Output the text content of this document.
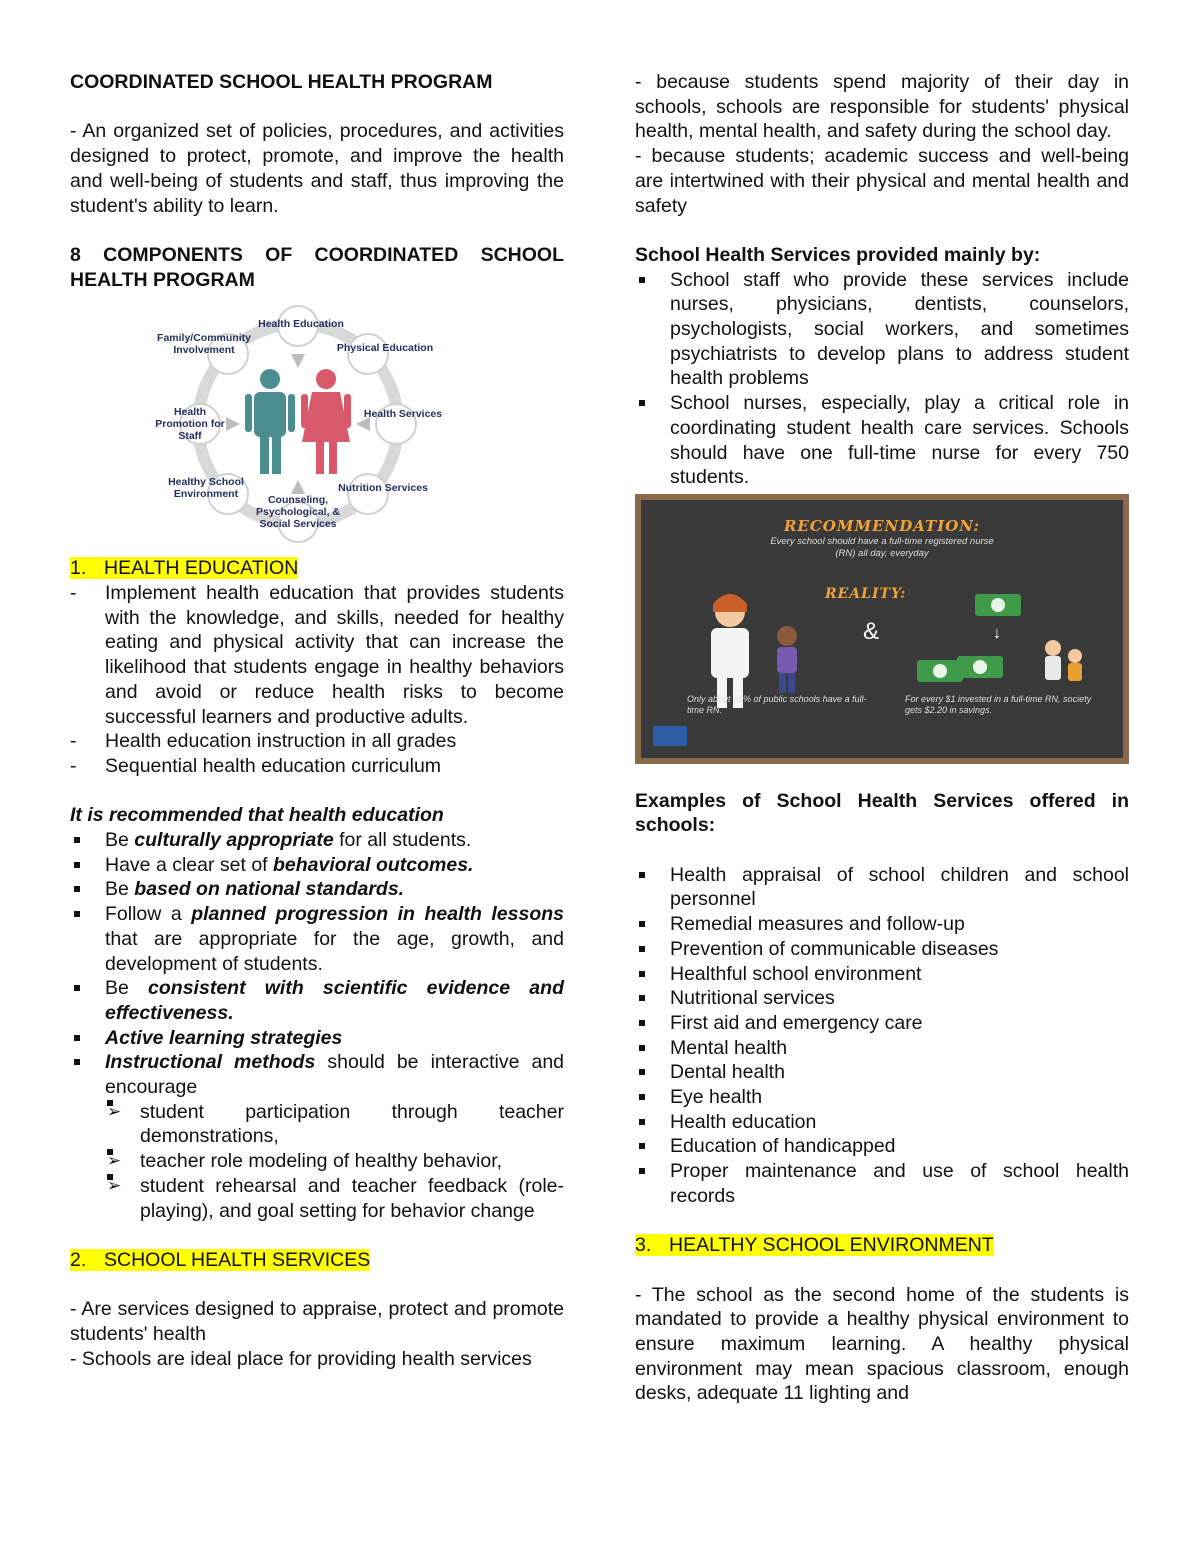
COORDINATED SCHOOL HEALTH PROGRAM

- An organized set of policies, procedures, and activities designed to protect, promote, and improve the health and well-being of students and staff, thus improving the student's ability to learn.

8 COMPONENTS OF COORDINATED SCHOOL HEALTH PROGRAM

Health Education
Physical Education
Health Services
Nutrition Services
Counseling, Psychological, & Social Services
Healthy School Environment
Health Promotion for Staff
Family/Community Involvement

1. HEALTH EDUCATION

- Implement health education that provides students with the knowledge, and skills, needed for healthy eating and physical activity that can increase the likelihood that students engage in healthy behaviors and avoid or reduce health risks to become successful learners and productive adults.
- Health education instruction in all grades
- Sequential health education curriculum

It is recommended that health education

Be culturally appropriate for all students.
Have a clear set of behavioral outcomes.
Be based on national standards.
Follow a planned progression in health lessons that are appropriate for the age, growth, and development of students.
Be consistent with scientific evidence and effectiveness.
Active learning strategies
Instructional methods should be interactive and encourage
➢ student participation through teacher demonstrations,
➢ teacher role modeling of healthy behavior,
➢ student rehearsal and teacher feedback (role-playing), and goal setting for behavior change

2. SCHOOL HEALTH SERVICES

- Are services designed to appraise, protect and promote students' health

- Schools are ideal place for providing health services

- because students spend majority of their day in schools, schools are responsible for students' physical health, mental health, and safety during the school day.

- because students; academic success and well-being are intertwined with their physical and mental health and safety

School Health Services provided mainly by:

School staff who provide these services include nurses, physicians, dentists, counselors, psychologists, social workers, and sometimes psychiatrists to develop plans to address student health problems
School nurses, especially, play a critical role in coordinating student health care services. Schools should have one full-time nurse for every 750 students.
RECOMMENDATION:
Every school should have a full-time registered nurse (RN) all day, everyday
REALITY:
&	↓
Only about 50% of public schools have a full-time RN.
For every $1 invested in a full-time RN, society gets $2.20 in savings.

Examples of School Health Services offered in schools:

Health appraisal of school children and school personnel
Remedial measures and follow-up
Prevention of communicable diseases
Healthful school environment
Nutritional services
First aid and emergency care
Mental health
Dental health
Eye health
Health education
Education of handicapped
Proper maintenance and use of school health records

3. HEALTHY SCHOOL ENVIRONMENT

- The school as the second home of the students is mandated to provide a healthy physical environment to ensure maximum learning. A healthy physical environment may mean spacious classroom, enough desks, adequate 11 lighting and
